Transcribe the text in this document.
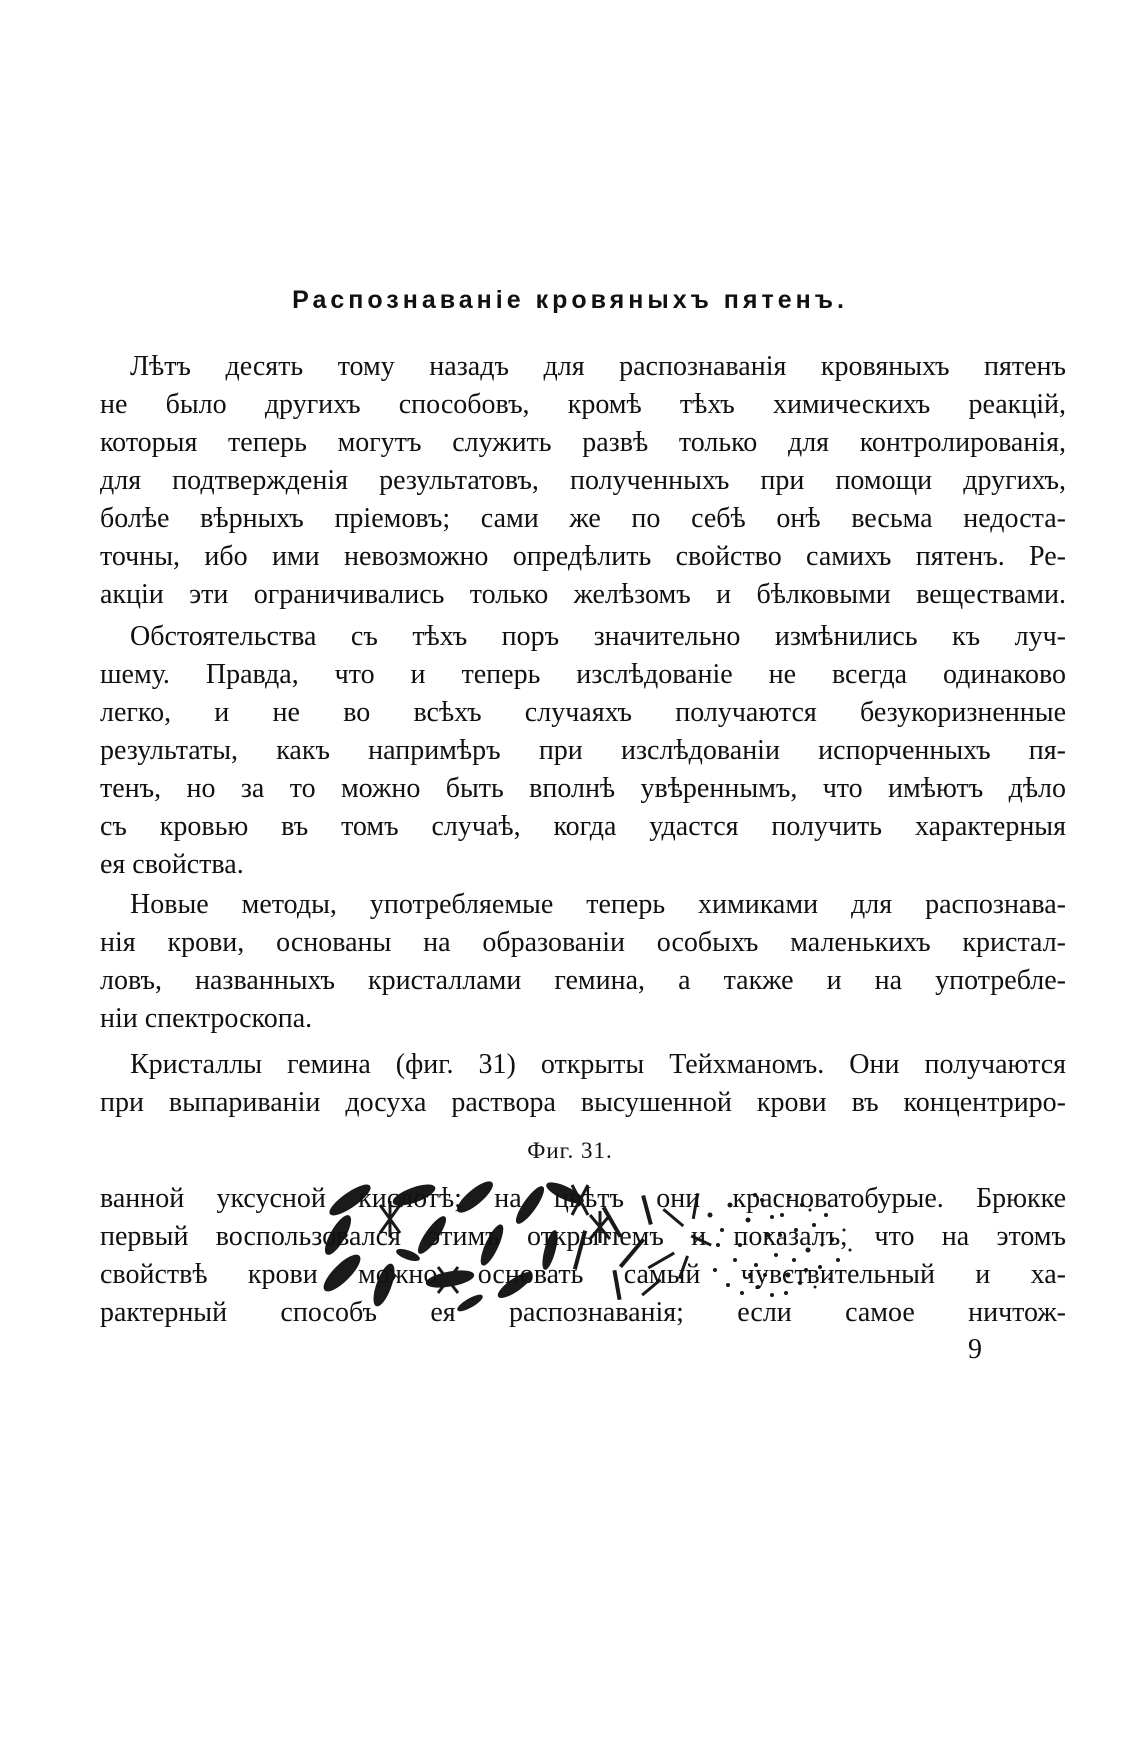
Распознаваніе кровяныхъ пятенъ.
Лѣтъ десять тому назадъ для распознаванія кровяныхъ пятенъ
не было другихъ способовъ, кромѣ тѣхъ химическихъ реакцій,
которыя теперь могутъ служить развѣ только для контролированія,
для подтвержденія результатовъ, полученныхъ при помощи другихъ,
болѣе вѣрныхъ пріемовъ; сами же по себѣ онѣ весьма недоста-
точны, ибо ими невозможно опредѣлить свойство самихъ пятенъ. Ре-
акціи эти ограничивались только желѣзомъ и бѣлковыми веществами.
Обстоятельства съ тѣхъ поръ значительно измѣнились къ луч-
шему. Правда, что и теперь изслѣдованіе не всегда одинаково
легко, и не во всѣхъ случаяхъ получаются безукоризненные
результаты, какъ напримѣръ при изслѣдованіи испорченныхъ пя-
тенъ, но за то можно быть вполнѣ увѣреннымъ, что имѣютъ дѣло
съ кровью въ томъ случаѣ, когда удастся получить характерныя
ея свойства.
Новые методы, употребляемые теперь химиками для распознава-
нія крови, основаны на образованіи особыхъ маленькихъ кристал-
ловъ, названныхъ кристаллами гемина, а также и на употребле-
ніи спектроскопа.
Кристаллы гемина (фиг. 31) открыты Тейхманомъ. Они получаются
при выпариваніи досуха раствора высушенной крови въ концентриро-
Фиг. 31.
ванной уксусной кислотѣ; на цвѣтъ они красноватобурые. Брюкке
первый воспользовался этимъ открытіемъ и показалъ, что на этомъ
свойствѣ крови можно основать самый чувствительный и ха-
рактерный способъ ея распознаванія; если самое ничтож-
9
